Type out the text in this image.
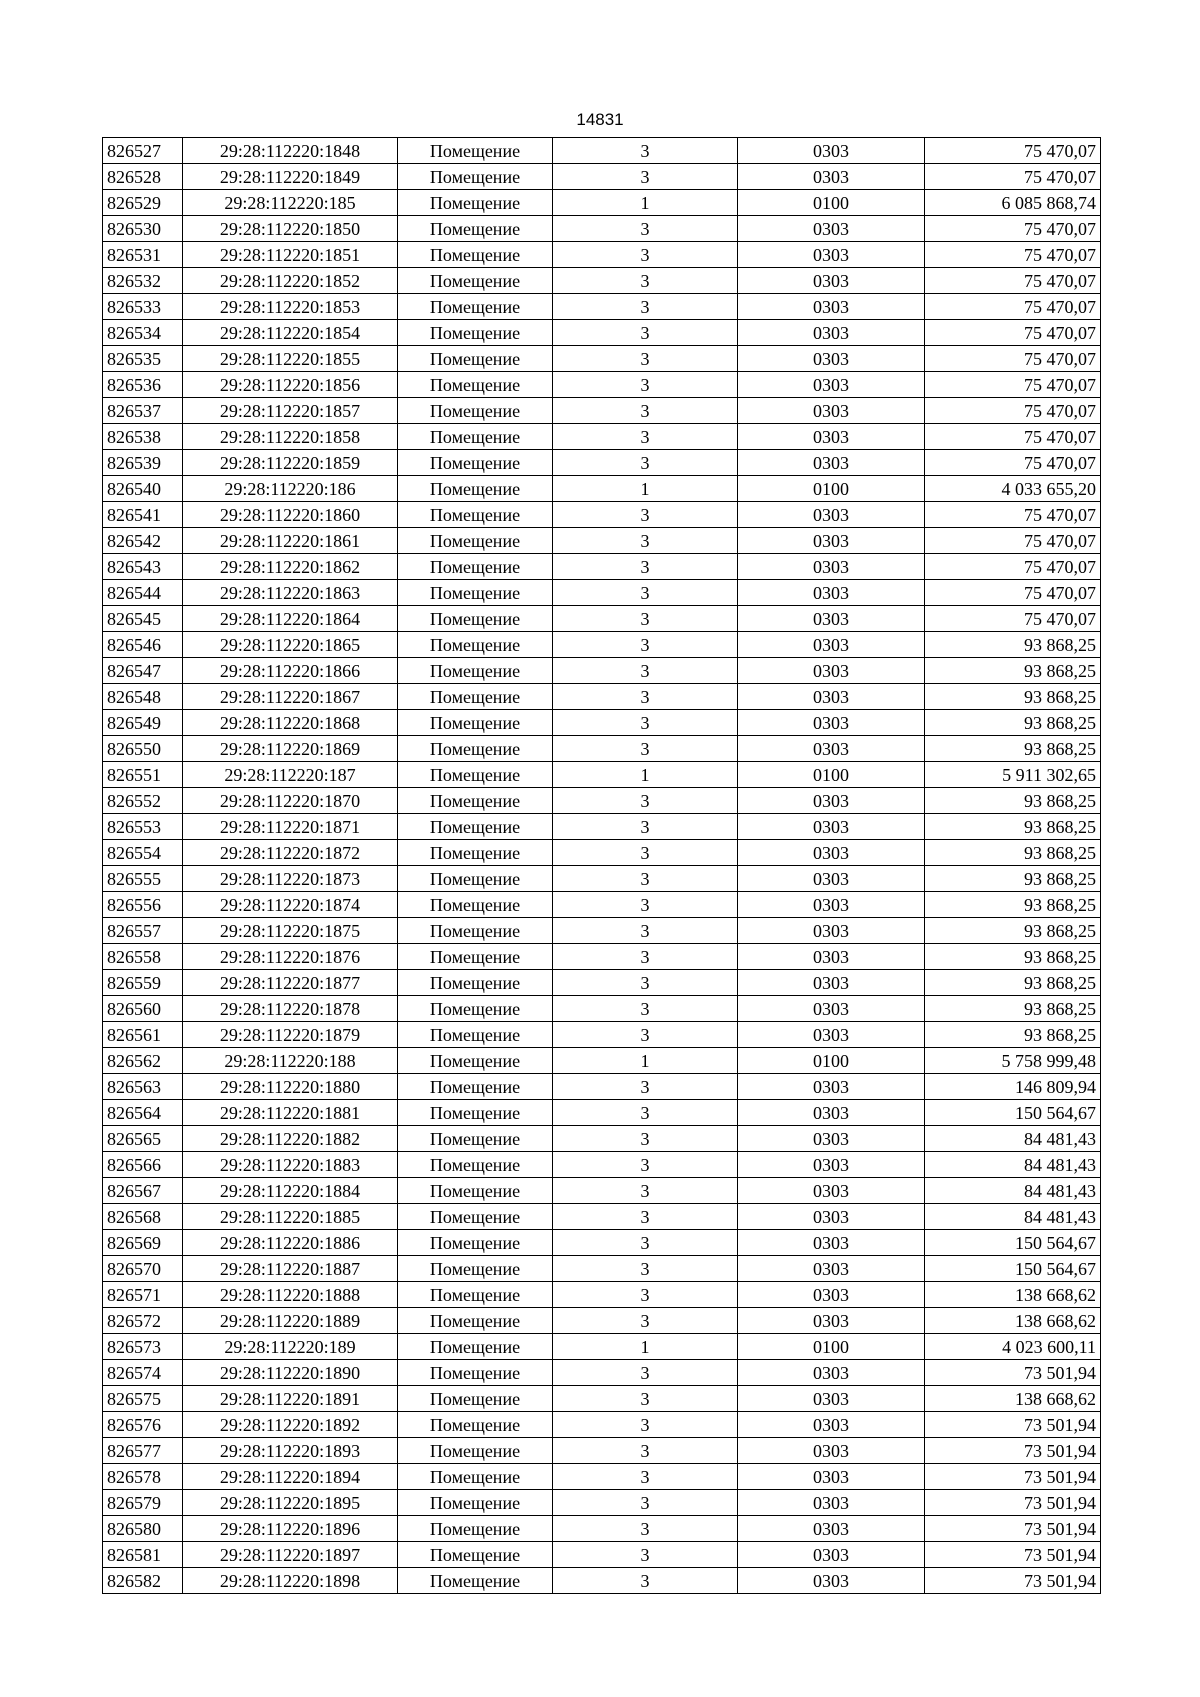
14831
826527	29:28:112220:1848	Помещение	3	0303	75 470,07
826528	29:28:112220:1849	Помещение	3	0303	75 470,07
826529	29:28:112220:185	Помещение	1	0100	6 085 868,74
826530	29:28:112220:1850	Помещение	3	0303	75 470,07
826531	29:28:112220:1851	Помещение	3	0303	75 470,07
826532	29:28:112220:1852	Помещение	3	0303	75 470,07
826533	29:28:112220:1853	Помещение	3	0303	75 470,07
826534	29:28:112220:1854	Помещение	3	0303	75 470,07
826535	29:28:112220:1855	Помещение	3	0303	75 470,07
826536	29:28:112220:1856	Помещение	3	0303	75 470,07
826537	29:28:112220:1857	Помещение	3	0303	75 470,07
826538	29:28:112220:1858	Помещение	3	0303	75 470,07
826539	29:28:112220:1859	Помещение	3	0303	75 470,07
826540	29:28:112220:186	Помещение	1	0100	4 033 655,20
826541	29:28:112220:1860	Помещение	3	0303	75 470,07
826542	29:28:112220:1861	Помещение	3	0303	75 470,07
826543	29:28:112220:1862	Помещение	3	0303	75 470,07
826544	29:28:112220:1863	Помещение	3	0303	75 470,07
826545	29:28:112220:1864	Помещение	3	0303	75 470,07
826546	29:28:112220:1865	Помещение	3	0303	93 868,25
826547	29:28:112220:1866	Помещение	3	0303	93 868,25
826548	29:28:112220:1867	Помещение	3	0303	93 868,25
826549	29:28:112220:1868	Помещение	3	0303	93 868,25
826550	29:28:112220:1869	Помещение	3	0303	93 868,25
826551	29:28:112220:187	Помещение	1	0100	5 911 302,65
826552	29:28:112220:1870	Помещение	3	0303	93 868,25
826553	29:28:112220:1871	Помещение	3	0303	93 868,25
826554	29:28:112220:1872	Помещение	3	0303	93 868,25
826555	29:28:112220:1873	Помещение	3	0303	93 868,25
826556	29:28:112220:1874	Помещение	3	0303	93 868,25
826557	29:28:112220:1875	Помещение	3	0303	93 868,25
826558	29:28:112220:1876	Помещение	3	0303	93 868,25
826559	29:28:112220:1877	Помещение	3	0303	93 868,25
826560	29:28:112220:1878	Помещение	3	0303	93 868,25
826561	29:28:112220:1879	Помещение	3	0303	93 868,25
826562	29:28:112220:188	Помещение	1	0100	5 758 999,48
826563	29:28:112220:1880	Помещение	3	0303	146 809,94
826564	29:28:112220:1881	Помещение	3	0303	150 564,67
826565	29:28:112220:1882	Помещение	3	0303	84 481,43
826566	29:28:112220:1883	Помещение	3	0303	84 481,43
826567	29:28:112220:1884	Помещение	3	0303	84 481,43
826568	29:28:112220:1885	Помещение	3	0303	84 481,43
826569	29:28:112220:1886	Помещение	3	0303	150 564,67
826570	29:28:112220:1887	Помещение	3	0303	150 564,67
826571	29:28:112220:1888	Помещение	3	0303	138 668,62
826572	29:28:112220:1889	Помещение	3	0303	138 668,62
826573	29:28:112220:189	Помещение	1	0100	4 023 600,11
826574	29:28:112220:1890	Помещение	3	0303	73 501,94
826575	29:28:112220:1891	Помещение	3	0303	138 668,62
826576	29:28:112220:1892	Помещение	3	0303	73 501,94
826577	29:28:112220:1893	Помещение	3	0303	73 501,94
826578	29:28:112220:1894	Помещение	3	0303	73 501,94
826579	29:28:112220:1895	Помещение	3	0303	73 501,94
826580	29:28:112220:1896	Помещение	3	0303	73 501,94
826581	29:28:112220:1897	Помещение	3	0303	73 501,94
826582	29:28:112220:1898	Помещение	3	0303	73 501,94
